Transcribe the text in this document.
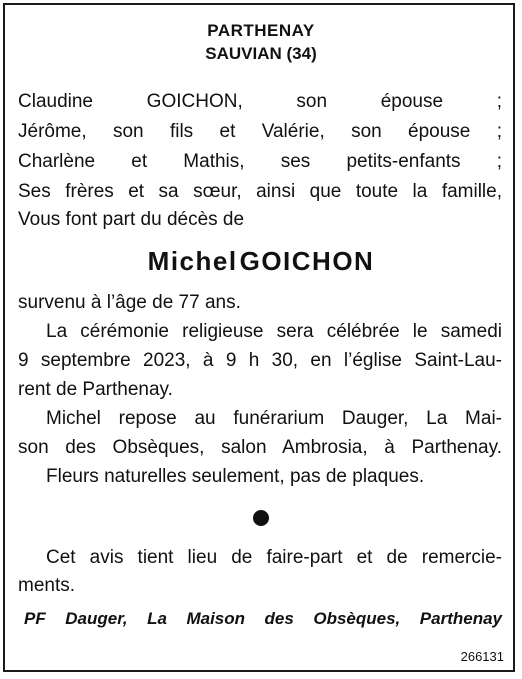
PARTHENAY
SAUVIAN (34)
Claudine GOICHON, son épouse ;
Jérôme, son fils et Valérie, son épouse ;
Charlène et Mathis, ses petits-enfants ;
Ses frères et sa sœur, ainsi que toute la famille,
Vous font part du décès de
MichelGOICHON
survenu à l’âge de 77 ans.
La cérémonie religieuse sera célébrée le samedi
9 septembre 2023, à 9 h 30, en l’église Saint-Lau-
rent de Parthenay.
Michel repose au funérarium Dauger, La Mai-
son des Obsèques, salon Ambrosia, à Parthenay.
Fleurs naturelles seulement, pas de plaques.
Cet avis tient lieu de faire-part et de remercie-
ments.
PF Dauger, La Maison des Obsèques, Parthenay
266131
